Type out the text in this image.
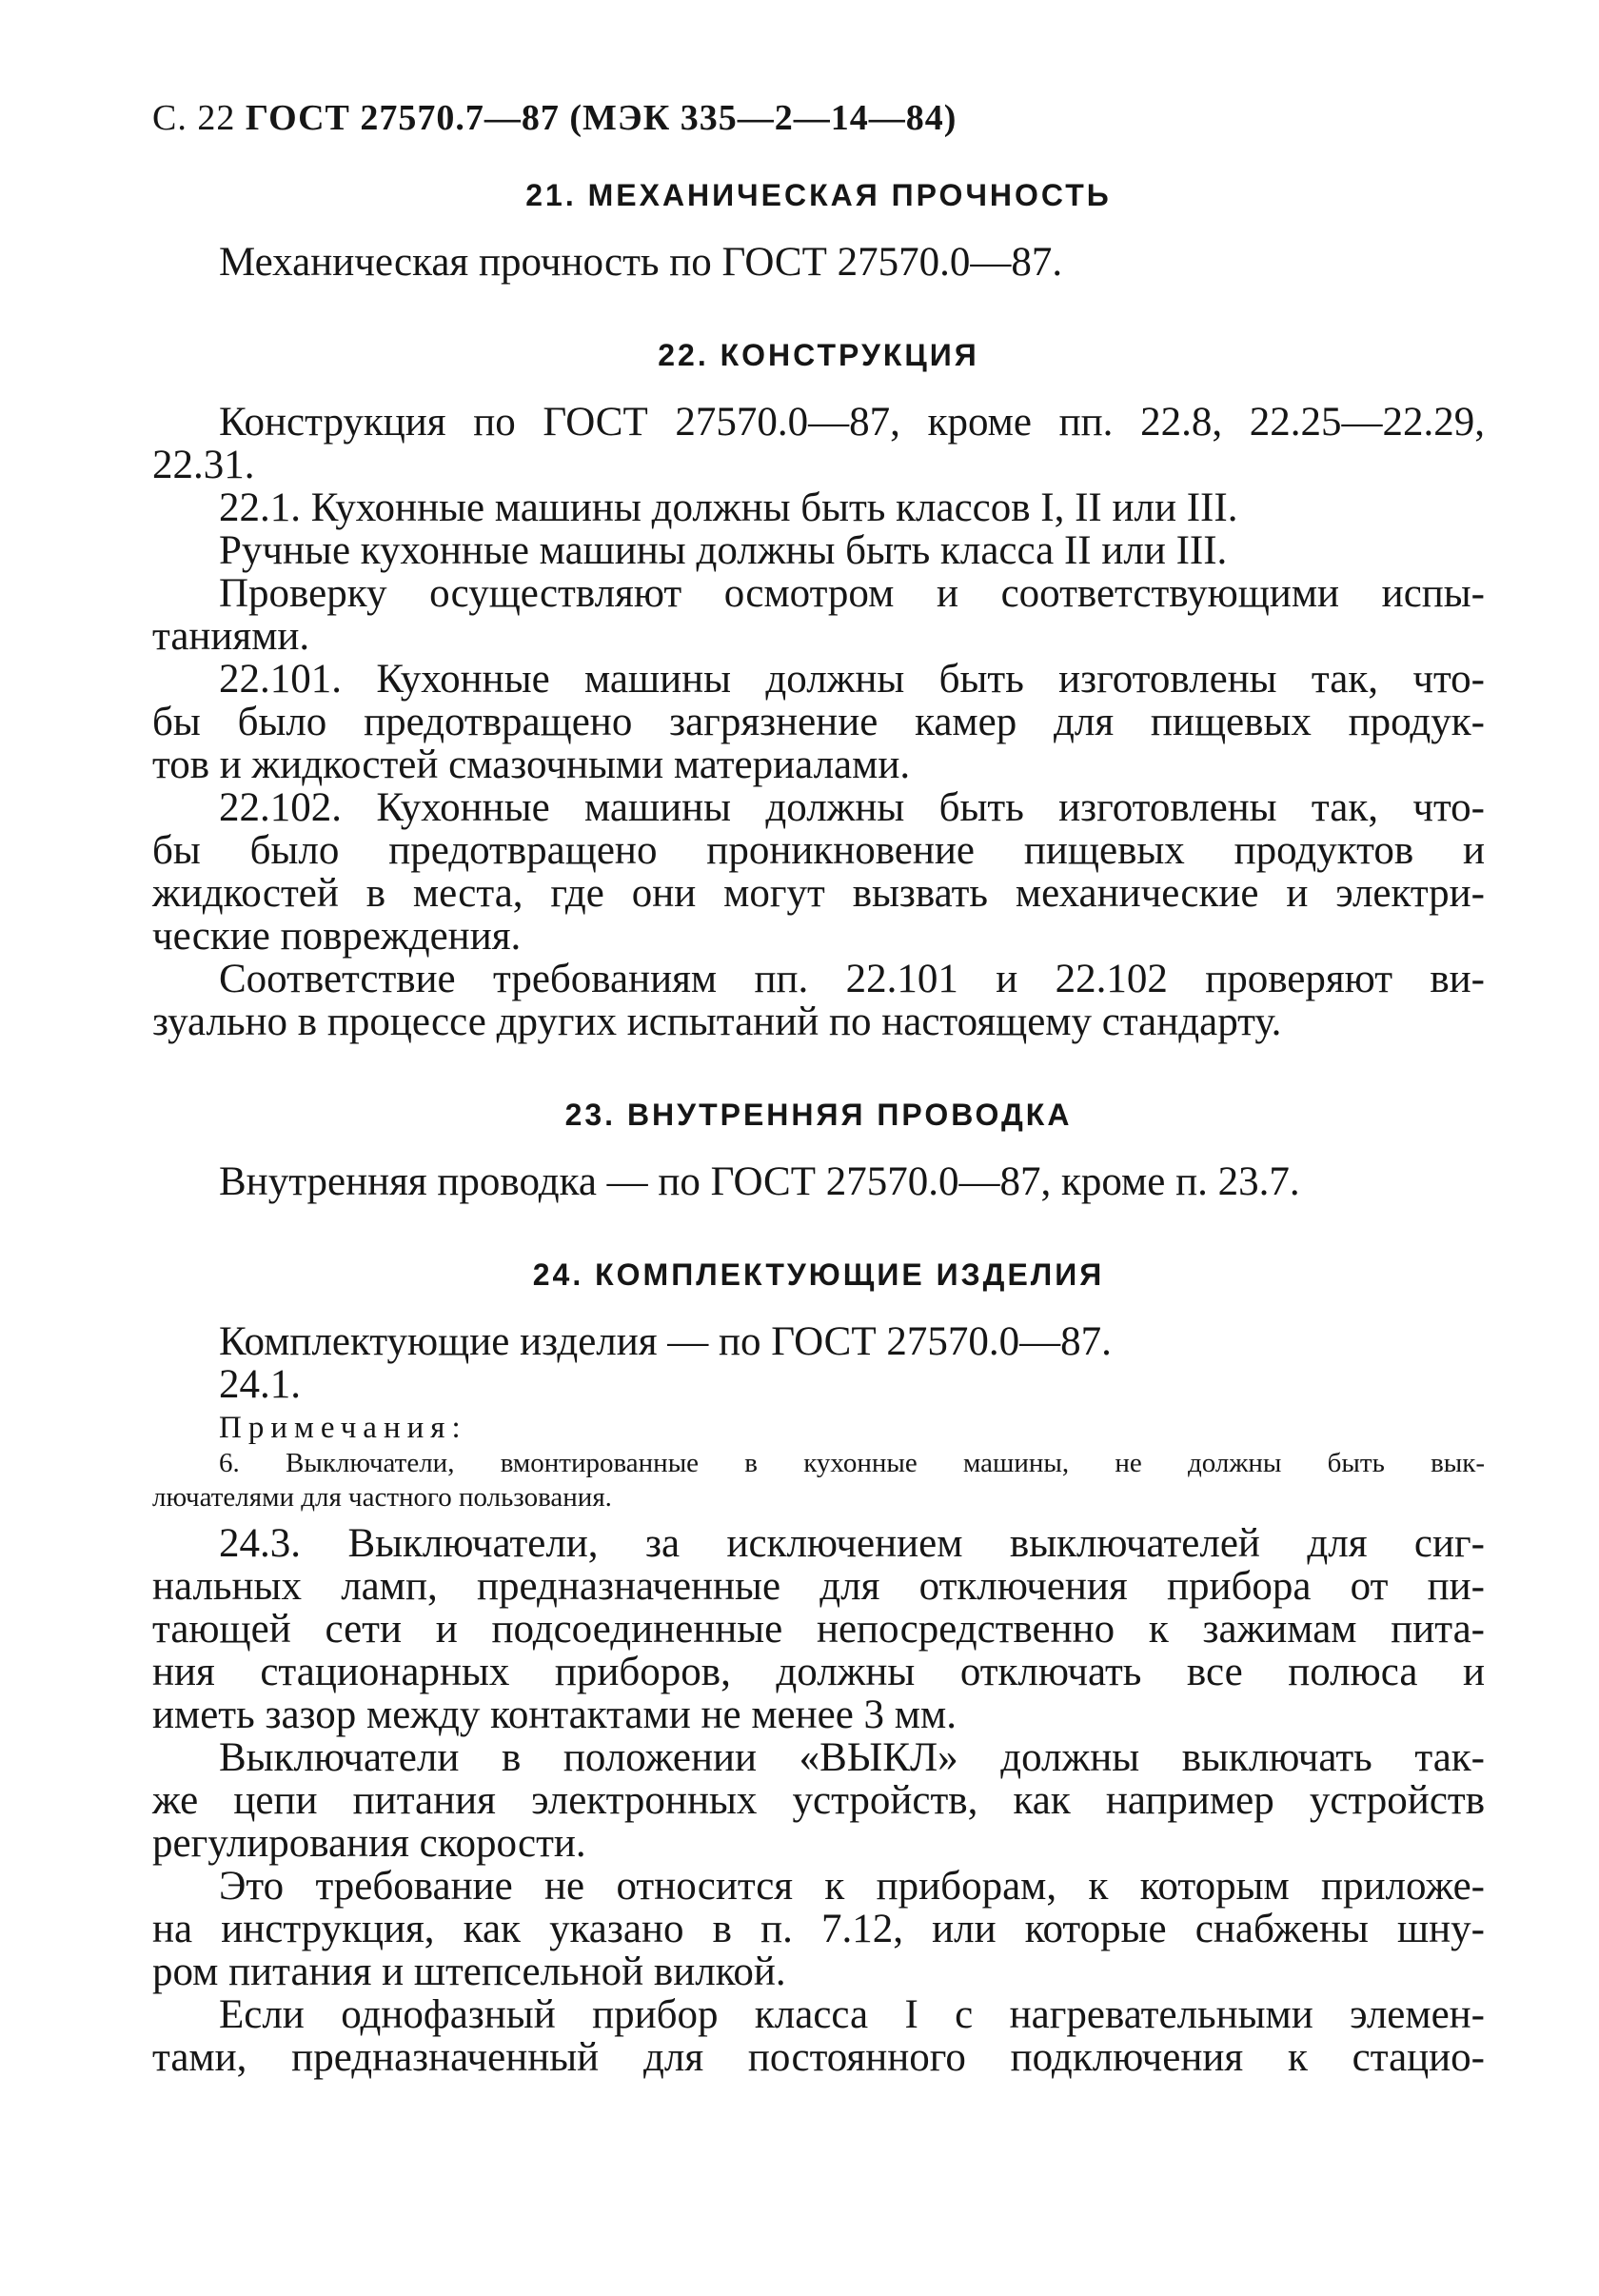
С. 22 ГОСТ 27570.7—87 (МЭК 335—2—14—84)
21. МЕХАНИЧЕСКАЯ ПРОЧНОСТЬ

Механическая прочность по ГОСТ 27570.0—87.

22. КОНСТРУКЦИЯ

Конструкция по ГОСТ 27570.0—87, кроме пп. 22.8, 22.25—22.29,

22.31.

22.1. Кухонные машины должны быть классов I, II или III.

Ручные кухонные машины должны быть класса II или III.

Проверку осуществляют осмотром и соответствующими испы-

таниями.

22.101. Кухонные машины должны быть изготовлены так, что-

бы было предотвращено загрязнение камер для пищевых продук-

тов и жидкостей смазочными материалами.

22.102. Кухонные машины должны быть изготовлены так, что-

бы было предотвращено проникновение пищевых продуктов и

жидкостей в места, где они могут вызвать механические и электри-

ческие повреждения.

Соответствие требованиям пп. 22.101 и 22.102 проверяют ви-

зуально в процессе других испытаний по настоящему стандарту.

23. ВНУТРЕННЯЯ ПРОВОДКА

Внутренняя проводка — по ГОСТ 27570.0—87, кроме п. 23.7.

24. КОМПЛЕКТУЮЩИЕ ИЗДЕЛИЯ

Комплектующие изделия — по ГОСТ 27570.0—87.

24.1.

Примечания:

6. Выключатели, вмонтированные в кухонные машины, не должны быть вык-

лючателями для частного пользования.

24.3. Выключатели, за исключением выключателей для сиг-

нальных ламп, предназначенные для отключения прибора от пи-

тающей сети и подсоединенные непосредственно к зажимам пита-

ния стационарных приборов, должны отключать все полюса и

иметь зазор между контактами не менее 3 мм.

Выключатели в положении «ВЫКЛ» должны выключать так-

же цепи питания электронных устройств, как например устройств

регулирования скорости.

Это требование не относится к приборам, к которым приложе-

на инструкция, как указано в п. 7.12, или которые снабжены шну-

ром питания и штепсельной вилкой.

Если однофазный прибор класса I с нагревательными элемен-

тами, предназначенный для постоянного подключения к стацио-
